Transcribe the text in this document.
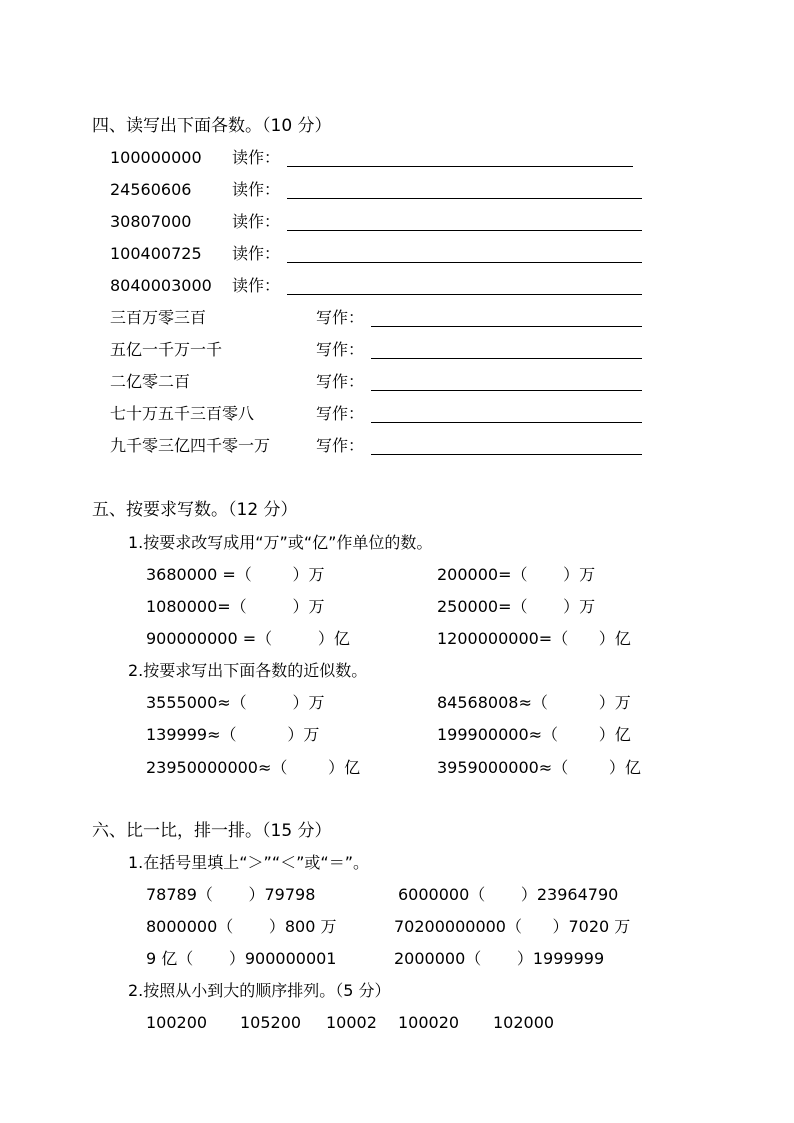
四、读写出下面各数。（10 分）
100000000 读作：
24560606	读作：
30807000	读作：
100400725 读作：
8040003000 读作：
三百万零三百	写作：
五亿一千万一千	写作：
二亿零二百	写作：
七十万五千三百零八	写作：
九千零三亿四千零一万	写作：
五、按要求写数。（12 分）
1.按要求改写成用“万”或“亿”作单位的数。
3680000 =（        ）万	200000=（       ）万
1080000=（         ）万	250000=（       ）万
900000000 =（         ）亿	1200000000=（      ）亿
2.按要求写出下面各数的近似数。
3555000≈（         ）万	84568008≈（          ）万
139999≈（          ）万	199900000≈（        ）亿
23950000000≈（        ）亿	3959000000≈（        ）亿
六、比一比，排一排。（15 分）
1.在括号里填上“＞”“＜”或“＝”。
78789（       ）79798	6000000（       ）23964790
8000000（       ）800 万	70200000000（      ）7020 万
9 亿（       ）900000001	2000000（       ）1999999
2.按照从小到大的顺序排列。（5 分）
100200 105200 10002 100020 102000
